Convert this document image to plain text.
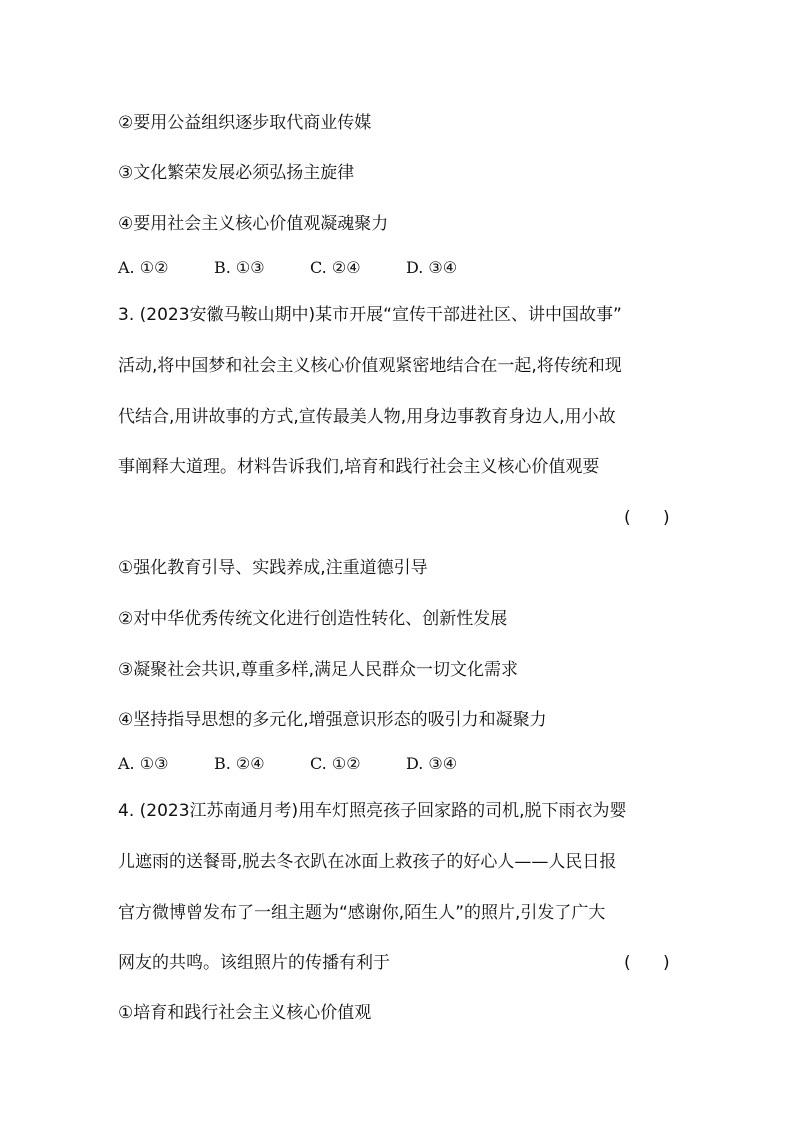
②要用公益组织逐步取代商业传媒
③文化繁荣发展必须弘扬主旋律
④要用社会主义核心价值观凝魂聚力
A. ①②	B. ①③	C. ②④	D. ③④
3. (2023安徽马鞍山期中)某市开展“宣传干部进社区、讲中国故事”
活动,将中国梦和社会主义核心价值观紧密地结合在一起,将传统和现
代结合,用讲故事的方式,宣传最美人物,用身边事教育身边人,用小故
事阐释大道理。材料告诉我们,培育和践行社会主义核心价值观要
(      )
①强化教育引导、实践养成,注重道德引导
②对中华优秀传统文化进行创造性转化、创新性发展
③凝聚社会共识,尊重多样,满足人民群众一切文化需求
④坚持指导思想的多元化,增强意识形态的吸引力和凝聚力
A. ①③	B. ②④	C. ①②	D. ③④
4. (2023江苏南通月考)用车灯照亮孩子回家路的司机,脱下雨衣为婴
儿遮雨的送餐哥,脱去冬衣趴在冰面上救孩子的好心人——人民日报
官方微博曾发布了一组主题为“感谢你,陌生人”的照片,引发了广大
网友的共鸣。该组照片的传播有利于	(      )
①培育和践行社会主义核心价值观
